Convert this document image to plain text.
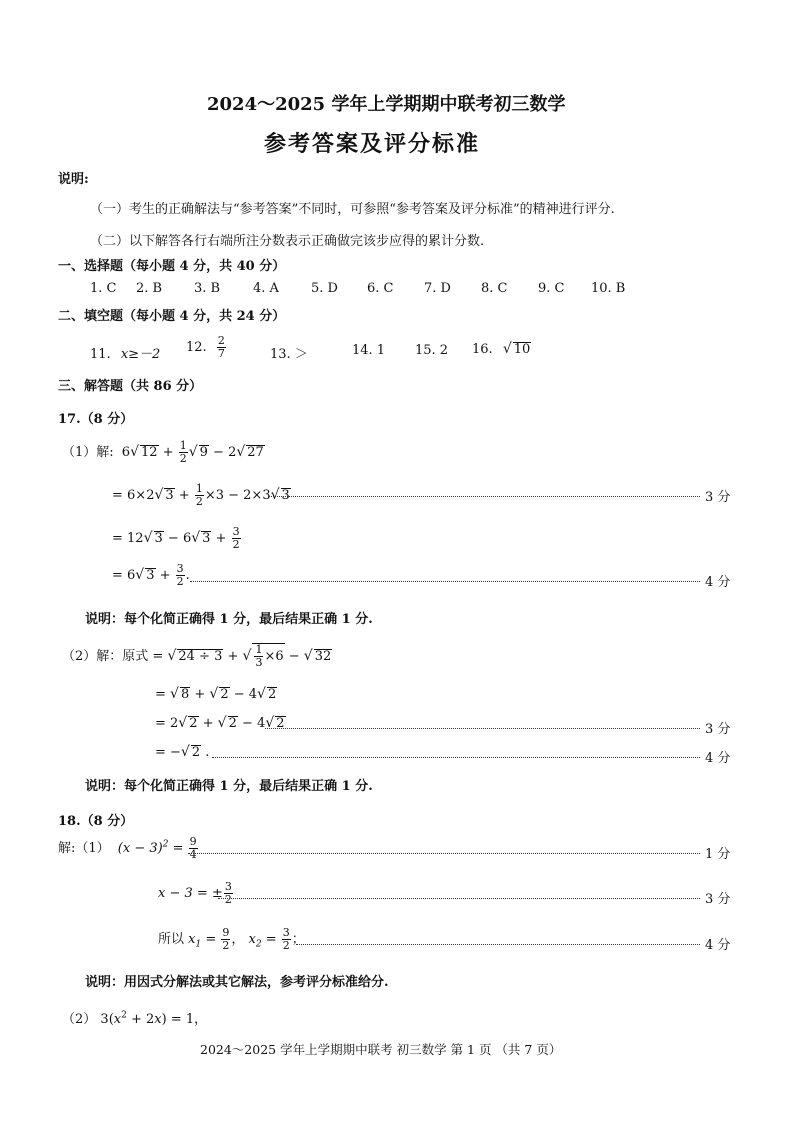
2024～2025 学年上学期期中联考初三数学
参考答案及评分标准
说明:
（一）考生的正确解法与“参考答案”不同时，可参照“参考答案及评分标准”的精神进行评分.
（二）以下解答各行右端所注分数表示正确做完该步应得的累计分数.
一、选择题（每小题 4 分，共 40 分）
1. C 2. B 3. B	4. A 5. D 6. C 7. D 8. C 9. C 10. B
二、填空题（每小题 4 分，共 24 分）
11. x≥－2 12. $\frac{2}{7}$	13. ＞	14. 1 15. 2 16. √ 10
三、解答题（共 86 分）
17.（8 分）
（1）解: 6√ $12 + \frac{1}{2}$ √ 9 − 2√ 27
= 6×2√ $3 + \frac{1}{2} \times 3 - 2\times 3√$ 3	3 分
= 12√ 3 − 6√ $3 + \frac{3}{2}$
= 6√ $3 + \frac{3}{2}$ .	4 分
说明：每个化简正确得 1 分，最后结果正确 1 分.
（2）解：原式 = √ 24 ÷ 3 + √ $\frac{1}{3} \times 6$ − √ 32
= √ 8 + √ 2 − 4√ 2
= 2√ 2 + √ 2 − 4√ 2	3 分
= −√ 2 .	4 分
说明：每个化简正确得 1 分，最后结果正确 1 分.
18.（8 分）
解:（1） $(x - 3)^2 = \frac{9}{4}$	1 分
x − 3 = ± $\frac{3}{2}$	3 分
所以 $x_1 = \frac{9}{2}$ ， $x_2 = \frac{3}{2}$ ；	4 分
说明：用因式分解法或其它解法，参考评分标准给分.
（2） $3(x^2 + 2x) = 1$，
2024～2025 学年上学期期中联考 初三数学 第 1 页 （共 7 页）
